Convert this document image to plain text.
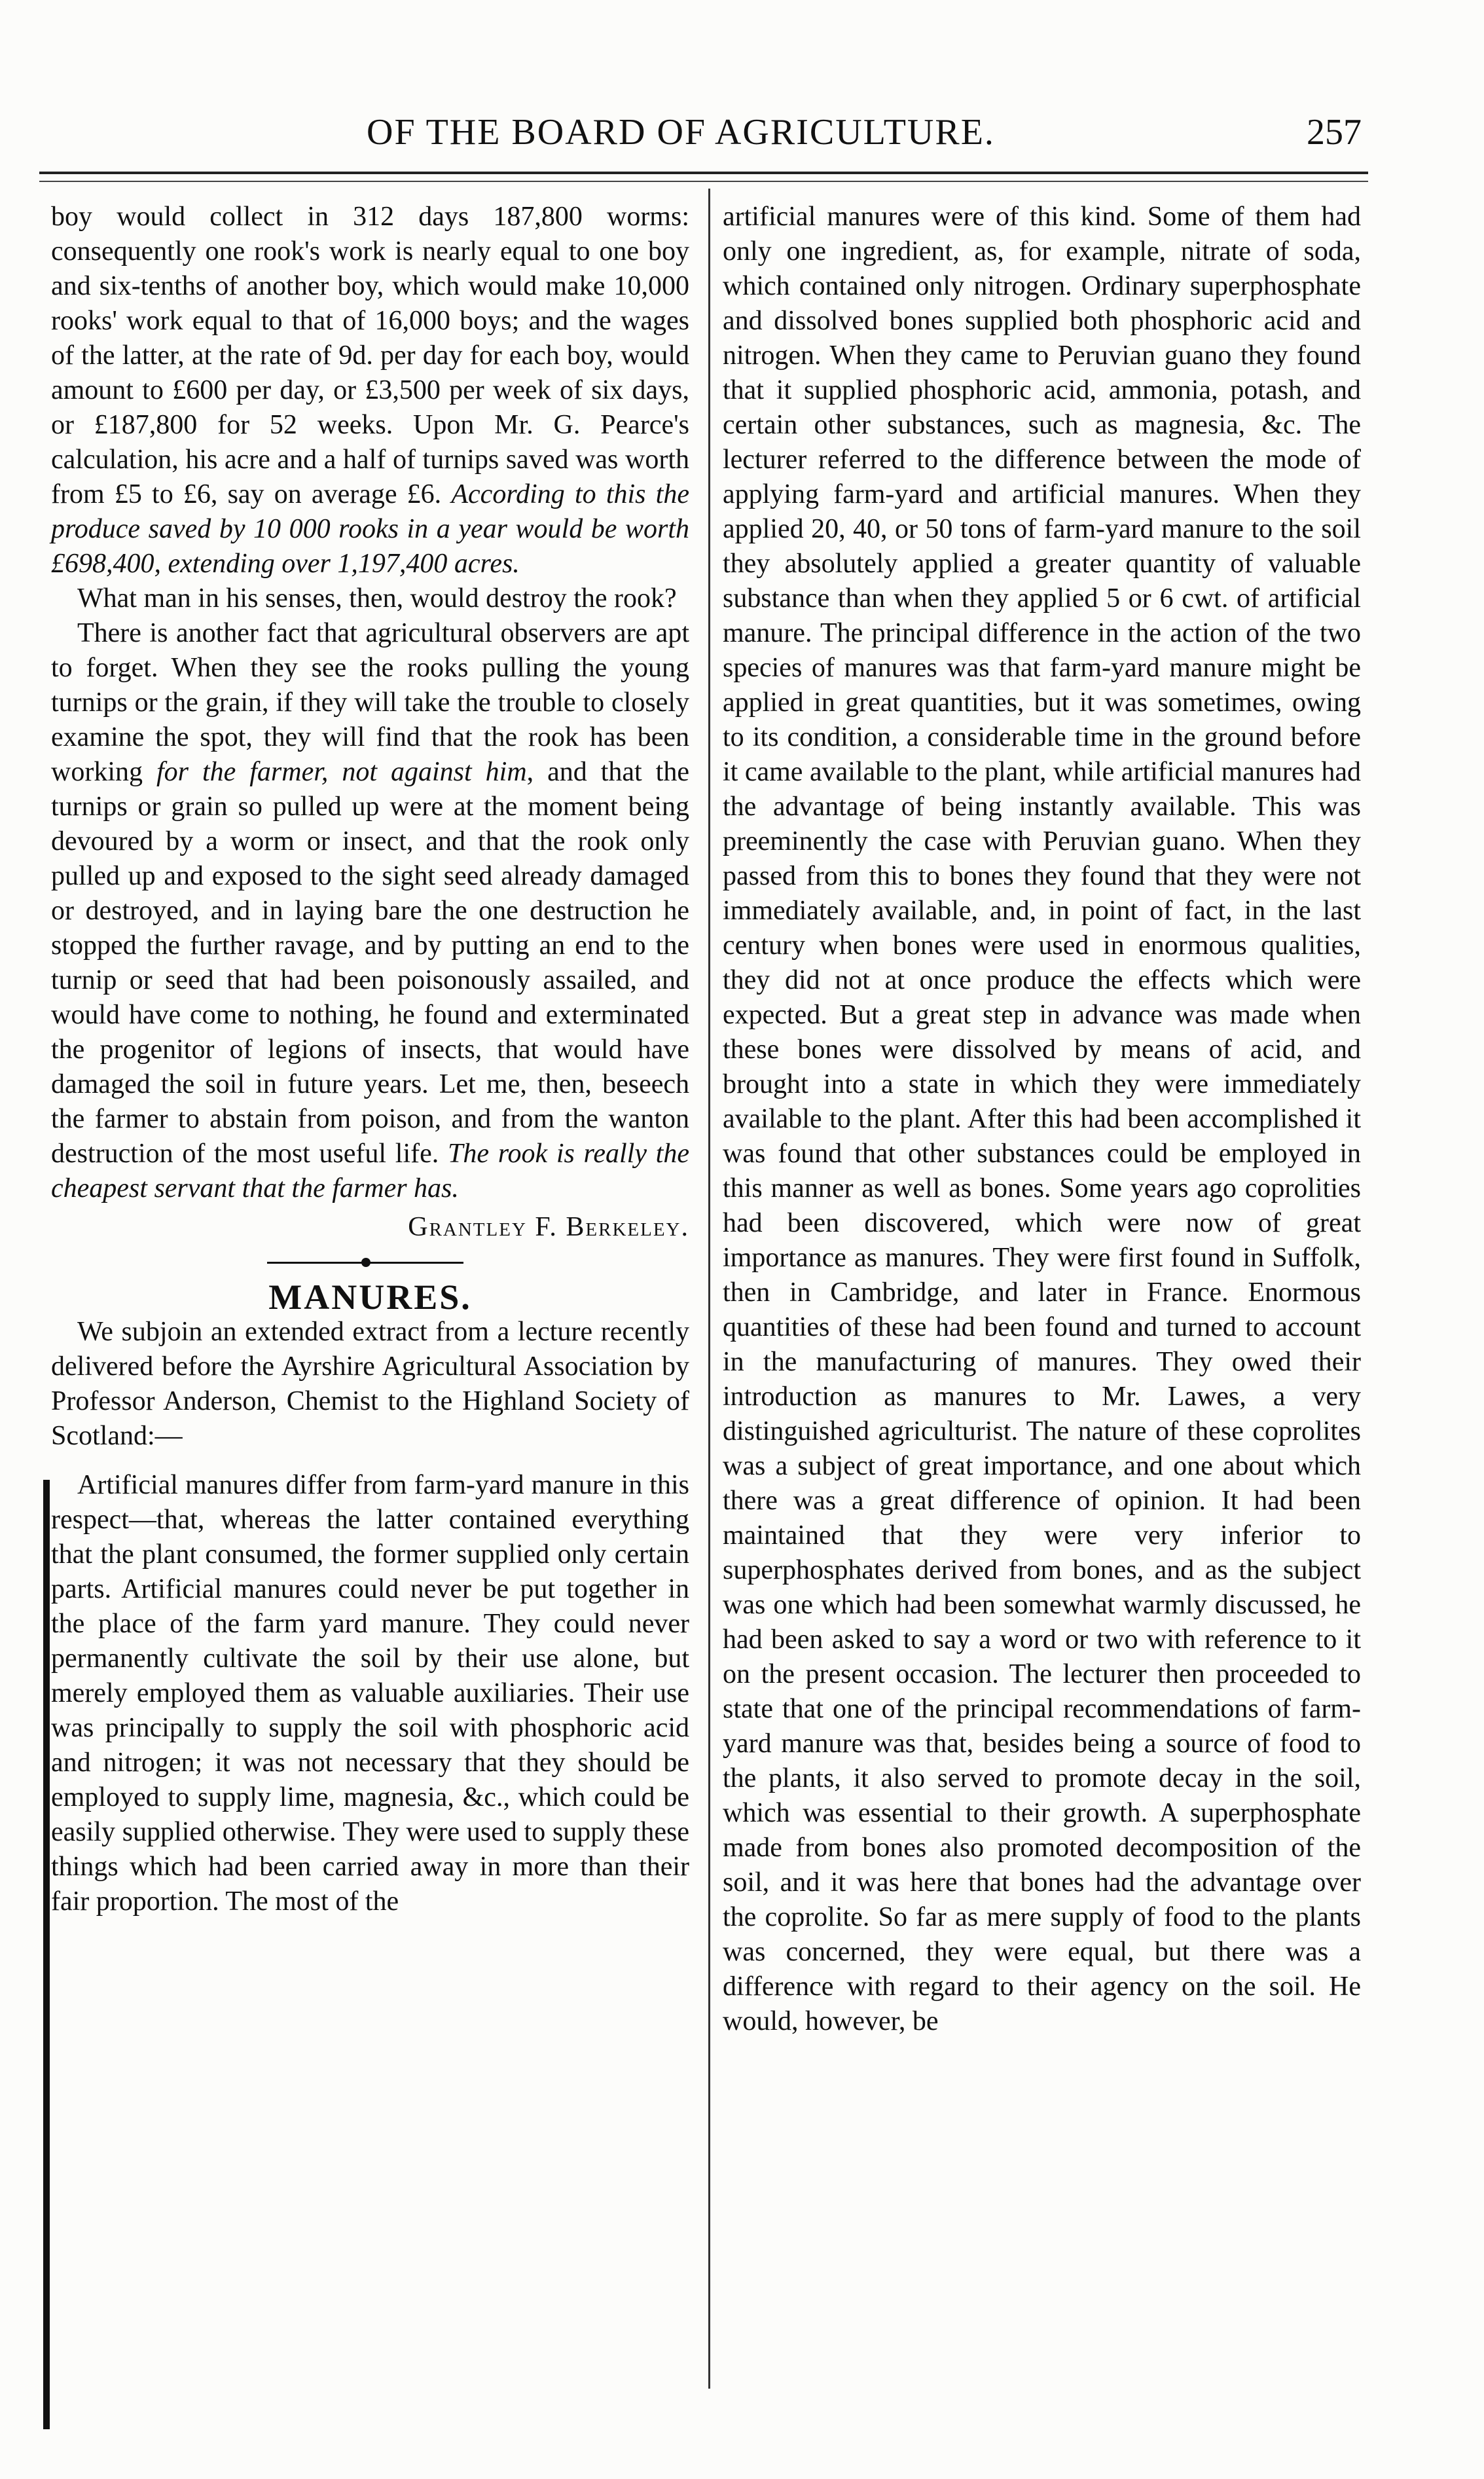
OF THE BOARD OF AGRICULTURE.	257

boy would collect in 312 days 187,800 worms: consequently one rook's work is nearly equal to one boy and six-tenths of another boy, which would make 10,000 rooks' work equal to that of 16,000 boys; and the wages of the latter, at the rate of 9d. per day for each boy, would amount to £600 per day, or £3,500 per week of six days, or £187,800 for 52 weeks. Upon Mr. G. Pearce's calculation, his acre and a half of turnips saved was worth from £5 to £6, say on average £6. According to this the produce saved by 10 000 rooks in a year would be worth £698,400, extending over 1,197,400 acres.

What man in his senses, then, would destroy the rook?

There is another fact that agricultural observers are apt to forget. When they see the rooks pulling the young turnips or the grain, if they will take the trouble to closely examine the spot, they will find that the rook has been working for the farmer, not against him, and that the turnips or grain so pulled up were at the moment being devoured by a worm or insect, and that the rook only pulled up and exposed to the sight seed already damaged or destroyed, and in laying bare the one destruction he stopped the further ravage, and by putting an end to the turnip or seed that had been poisonously assailed, and would have come to nothing, he found and exterminated the progenitor of legions of insects, that would have damaged the soil in future years. Let me, then, beseech the farmer to abstain from poison, and from the wanton destruction of the most useful life. The rook is really the cheapest servant that the farmer has.

Grantley F. Berkeley.

MANURES.

We subjoin an extended extract from a lecture recently delivered before the Ayrshire Agricultural Association by Professor Anderson, Chemist to the Highland Society of Scotland:—

Artificial manures differ from farm-yard manure in this respect—that, whereas the latter contained everything that the plant consumed, the former supplied only certain parts. Artificial manures could never be put together in the place of the farm yard manure. They could never permanently cultivate the soil by their use alone, but merely employed them as valuable auxiliaries. Their use was principally to supply the soil with phosphoric acid and nitrogen; it was not necessary that they should be employed to supply lime, magnesia, &c., which could be easily supplied otherwise. They were used to supply these things which had been carried away in more than their fair proportion. The most of the

artificial manures were of this kind. Some of them had only one ingredient, as, for example, nitrate of soda, which contained only nitrogen. Ordinary superphosphate and dissolved bones supplied both phosphoric acid and nitrogen. When they came to Peruvian guano they found that it supplied phosphoric acid, ammonia, potash, and certain other substances, such as magnesia, &c. The lecturer referred to the difference between the mode of applying farm-yard and artificial manures. When they applied 20, 40, or 50 tons of farm-yard manure to the soil they absolutely applied a greater quantity of valuable substance than when they applied 5 or 6 cwt. of artificial manure. The principal difference in the action of the two species of manures was that farm-yard manure might be applied in great quantities, but it was sometimes, owing to its condition, a considerable time in the ground before it came available to the plant, while artificial manures had the advantage of being instantly available. This was preeminently the case with Peruvian guano. When they passed from this to bones they found that they were not immediately available, and, in point of fact, in the last century when bones were used in enormous qualities, they did not at once produce the effects which were expected. But a great step in advance was made when these bones were dissolved by means of acid, and brought into a state in which they were immediately available to the plant. After this had been accomplished it was found that other substances could be employed in this manner as well as bones. Some years ago coprolities had been discovered, which were now of great importance as manures. They were first found in Suffolk, then in Cambridge, and later in France. Enormous quantities of these had been found and turned to account in the manufacturing of manures. They owed their introduction as manures to Mr. Lawes, a very distinguished agriculturist. The nature of these coprolites was a subject of great importance, and one about which there was a great difference of opinion. It had been maintained that they were very inferior to superphosphates derived from bones, and as the subject was one which had been somewhat warmly discussed, he had been asked to say a word or two with reference to it on the present occasion. The lecturer then proceeded to state that one of the principal recommendations of farm-yard manure was that, besides being a source of food to the plants, it also served to promote decay in the soil, which was essential to their growth. A superphosphate made from bones also promoted decomposition of the soil, and it was here that bones had the advantage over the coprolite. So far as mere supply of food to the plants was concerned, they were equal, but there was a difference with regard to their agency on the soil. He would, however, be
